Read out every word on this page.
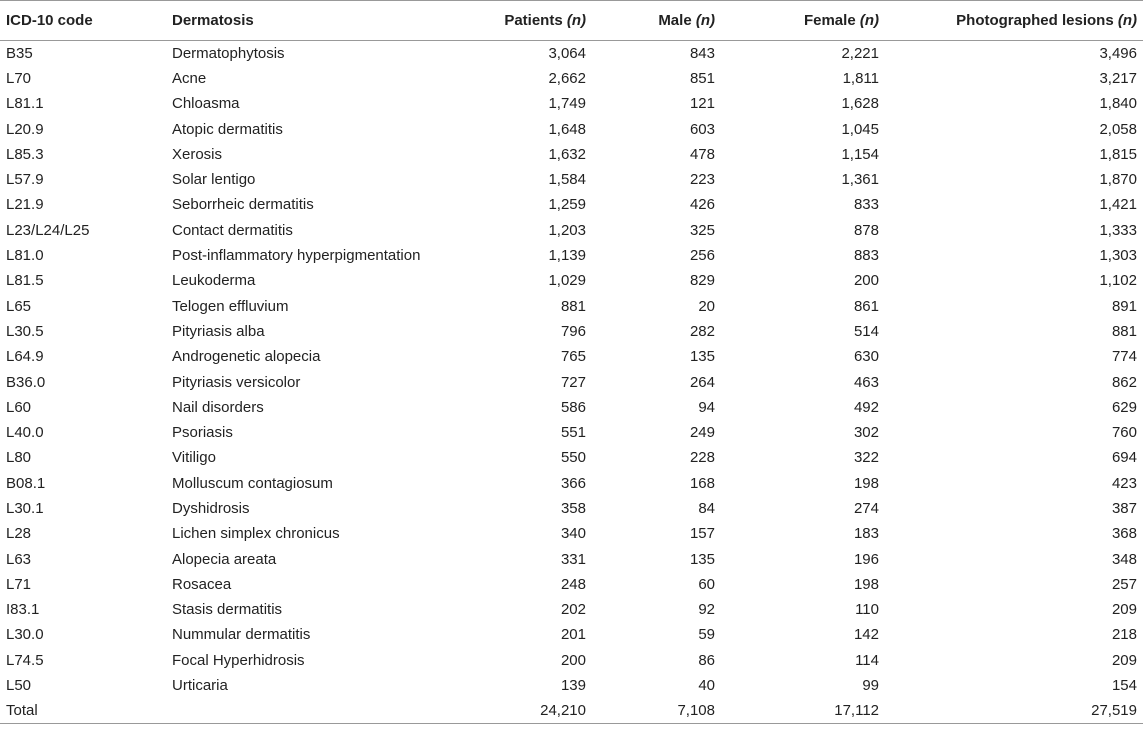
ICD-10 code	Dermatosis	Patients (n)	Male (n)	Female (n)	Photographed lesions (n)
B35	Dermatophytosis	3,064	843	2,221	3,496
L70	Acne	2,662	851	1,811	3,217
L81.1	Chloasma	1,749	121	1,628	1,840
L20.9	Atopic dermatitis	1,648	603	1,045	2,058
L85.3	Xerosis	1,632	478	1,154	1,815
L57.9	Solar lentigo	1,584	223	1,361	1,870
L21.9	Seborrheic dermatitis	1,259	426	833	1,421
L23/L24/L25	Contact dermatitis	1,203	325	878	1,333
L81.0	Post-inflammatory hyperpigmentation	1,139	256	883	1,303
L81.5	Leukoderma	1,029	829	200	1,102
L65	Telogen effluvium	881	20	861	891
L30.5	Pityriasis alba	796	282	514	881
L64.9	Androgenetic alopecia	765	135	630	774
B36.0	Pityriasis versicolor	727	264	463	862
L60	Nail disorders	586	94	492	629
L40.0	Psoriasis	551	249	302	760
L80	Vitiligo	550	228	322	694
B08.1	Molluscum contagiosum	366	168	198	423
L30.1	Dyshidrosis	358	84	274	387
L28	Lichen simplex chronicus	340	157	183	368
L63	Alopecia areata	331	135	196	348
L71	Rosacea	248	60	198	257
I83.1	Stasis dermatitis	202	92	110	209
L30.0	Nummular dermatitis	201	59	142	218
L74.5	Focal Hyperhidrosis	200	86	114	209
L50	Urticaria	139	40	99	154
Total		24,210	7,108	17,112	27,519
